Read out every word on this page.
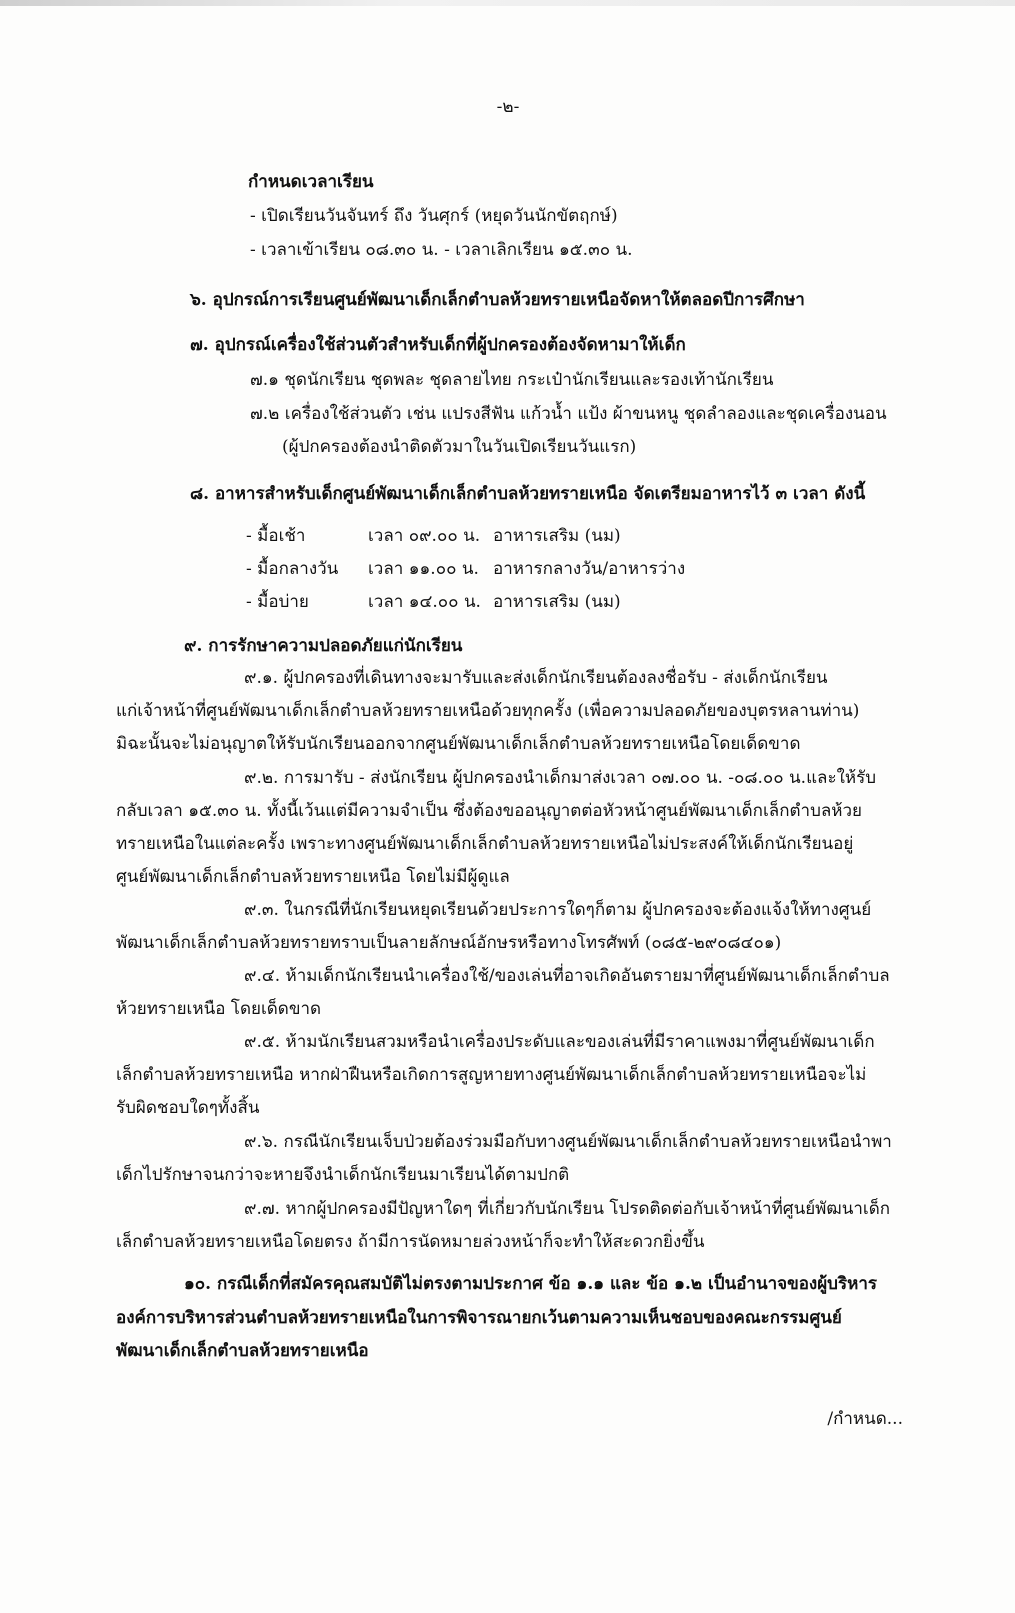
-๒-
กำหนดเวลาเรียน
- เปิดเรียนวันจันทร์ ถึง วันศุกร์ (หยุดวันนักขัตฤกษ์)
- เวลาเข้าเรียน ๐๘.๓๐ น. - เวลาเลิกเรียน ๑๕.๓๐ น.
๖. อุปกรณ์การเรียนศูนย์พัฒนาเด็กเล็กตำบลห้วยทรายเหนือจัดหาให้ตลอดปีการศึกษา
๗. อุปกรณ์เครื่องใช้ส่วนตัวสำหรับเด็กที่ผู้ปกครองต้องจัดหามาให้เด็ก
๗.๑ ชุดนักเรียน ชุดพละ ชุดลายไทย กระเป๋านักเรียนและรองเท้านักเรียน
๗.๒ เครื่องใช้ส่วนตัว เช่น แปรงสีฟัน แก้วน้ำ แป้ง ผ้าขนหนู ชุดลำลองและชุดเครื่องนอน
(ผู้ปกครองต้องนำติดตัวมาในวันเปิดเรียนวันแรก)
๘. อาหารสำหรับเด็กศูนย์พัฒนาเด็กเล็กตำบลห้วยทรายเหนือ จัดเตรียมอาหารไว้ ๓ เวลา ดังนี้
- มื้อเช้า	เวลา ๐๙.๐๐ น. อาหารเสริม (นม)
- มื้อกลางวัน เวลา ๑๑.๐๐ น. อาหารกลางวัน/อาหารว่าง
- มื้อบ่าย	เวลา ๑๔.๐๐ น. อาหารเสริม (นม)
๙. การรักษาความปลอดภัยแก่นักเรียน
๙.๑. ผู้ปกครองที่เดินทางจะมารับและส่งเด็กนักเรียนต้องลงชื่อรับ - ส่งเด็กนักเรียน
แก่เจ้าหน้าที่ศูนย์พัฒนาเด็กเล็กตำบลห้วยทรายเหนือด้วยทุกครั้ง (เพื่อความปลอดภัยของบุตรหลานท่าน)
มิฉะนั้นจะไม่อนุญาตให้รับนักเรียนออกจากศูนย์พัฒนาเด็กเล็กตำบลห้วยทรายเหนือโดยเด็ดขาด
๙.๒. การมารับ - ส่งนักเรียน ผู้ปกครองนำเด็กมาส่งเวลา ๐๗.๐๐ น. -๐๘.๐๐ น.และให้รับ
กลับเวลา ๑๕.๓๐ น. ทั้งนี้เว้นแต่มีความจำเป็น ซึ่งต้องขออนุญาตต่อหัวหน้าศูนย์พัฒนาเด็กเล็กตำบลห้วย
ทรายเหนือในแต่ละครั้ง เพราะทางศูนย์พัฒนาเด็กเล็กตำบลห้วยทรายเหนือไม่ประสงค์ให้เด็กนักเรียนอยู่
ศูนย์พัฒนาเด็กเล็กตำบลห้วยทรายเหนือ โดยไม่มีผู้ดูแล
๙.๓. ในกรณีที่นักเรียนหยุดเรียนด้วยประการใดๆก็ตาม ผู้ปกครองจะต้องแจ้งให้ทางศูนย์
พัฒนาเด็กเล็กตำบลห้วยทรายทราบเป็นลายลักษณ์อักษรหรือทางโทรศัพท์ (๐๘๕-๒๙๐๘๔๐๑)
๙.๔. ห้ามเด็กนักเรียนนำเครื่องใช้/ของเล่นที่อาจเกิดอันตรายมาที่ศูนย์พัฒนาเด็กเล็กตำบล
ห้วยทรายเหนือ โดยเด็ดขาด
๙.๕. ห้ามนักเรียนสวมหรือนำเครื่องประดับและของเล่นที่มีราคาแพงมาที่ศูนย์พัฒนาเด็ก
เล็กตำบลห้วยทรายเหนือ หากฝ่าฝืนหรือเกิดการสูญหายทางศูนย์พัฒนาเด็กเล็กตำบลห้วยทรายเหนือจะไม่
รับผิดชอบใดๆทั้งสิ้น
๙.๖. กรณีนักเรียนเจ็บป่วยต้องร่วมมือกับทางศูนย์พัฒนาเด็กเล็กตำบลห้วยทรายเหนือนำพา
เด็กไปรักษาจนกว่าจะหายจึงนำเด็กนักเรียนมาเรียนได้ตามปกติ
๙.๗. หากผู้ปกครองมีปัญหาใดๆ ที่เกี่ยวกับนักเรียน โปรดติดต่อกับเจ้าหน้าที่ศูนย์พัฒนาเด็ก
เล็กตำบลห้วยทรายเหนือโดยตรง ถ้ามีการนัดหมายล่วงหน้าก็จะทำให้สะดวกยิ่งขึ้น
๑๐. กรณีเด็กที่สมัครคุณสมบัติไม่ตรงตามประกาศ ข้อ ๑.๑ และ ข้อ ๑.๒ เป็นอำนาจของผู้บริหาร
องค์การบริหารส่วนตำบลห้วยทรายเหนือในการพิจารณายกเว้นตามความเห็นชอบของคณะกรรมศูนย์
พัฒนาเด็กเล็กตำบลห้วยทรายเหนือ
/กำหนด...
